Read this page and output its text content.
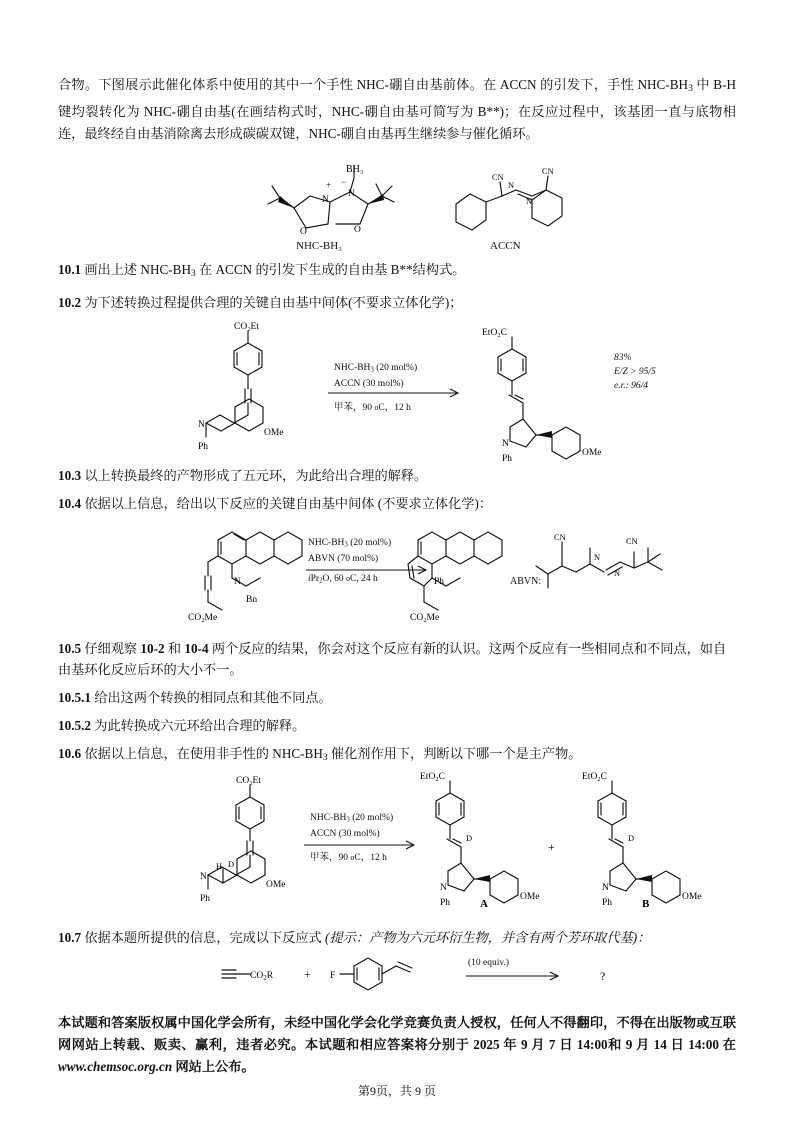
合物。下图展示此催化体系中使用的其中一个手性 NHC-硼自由基前体。在 ACCN 的引发下，手性 NHC-$BH_3$ 中 B-H 键均裂转化为 NHC-硼自由基(在画结构式时，NHC-硼自由基可简写为 B**)；在反应过程中，该基团一直与底物相连，最终经自由基消除离去形成碳碳双键，NHC-硼自由基再生继续参与催化循环。

BH₃
−
+
O	O
N
N
CN
CN
N
N
NHC-BH₃	ACCN
10.1 画出上述 NHC-$BH_3$ 在 ACCN 的引发下生成的自由基 B**结构式。
10.2 为下述转换过程提供合理的关键自由基中间体(不要求立体化学)；
CO₂Et
N
Ph
OMe
EtO₂C
N
Ph
OMe
NHC-$BH_3$ (20 mol%)
ACCN (30 mol%)
甲苯，90 oC，12 h
83%
E/Z > 95/5
e.r.: 96/4
10.3 以上转换最终的产物形成了五元环，为此给出合理的解释。
10.4 依据以上信息，给出以下反应的关键自由基中间体 (不要求立体化学)：
N
Bn
CO₂Me
Ph
CO₂Me
CN	CN
N
N
NHC-$BH_3$ (20 mol%)
ABVN (70 mol%)
iPr$_2$O, 60 oC, 24 h	ABVN:
10.5 仔细观察 10-2 和 10-4 两个反应的结果，你会对这个反应有新的认识。这两个反应有一些相同点和不同点，如自由基环化反应后环的大小不一。
10.5.1 给出这两个转换的相同点和其他不同点。
10.5.2 为此转换成六元环给出合理的解释。
10.6 依据以上信息，在使用非手性的 NHC-$BH_3$ 催化剂作用下，判断以下哪一个是主产物。
CO₂Et
N
Ph
OMe
H D
EtO₂C
D
N
Ph
OMe
A
+
EtO₂C
D
N
Ph
OMe
B
NHC-$BH_3$ (20 mol%)
ACCN (30 mol%)
甲苯，90 oC，12 h
10.7 依据本题所提供的信息，完成以下反应式 (提示：产物为六元环衍生物，并含有两个芳环取代基)：
$CO_2R$	+ F	?
(10 equiv.)
本试题和答案版权属中国化学会所有，未经中国化学会化学竞赛负责人授权，任何人不得翻印，不得在出版物或互联网网站上转载、贩卖、赢利，违者必究。本试题和相应答案将分别于 2025 年 9 月 7 日 14:00和 9 月 14 日 14:00 在 www.chemsoc.org.cn 网站上公布。
第9页，共 9 页
